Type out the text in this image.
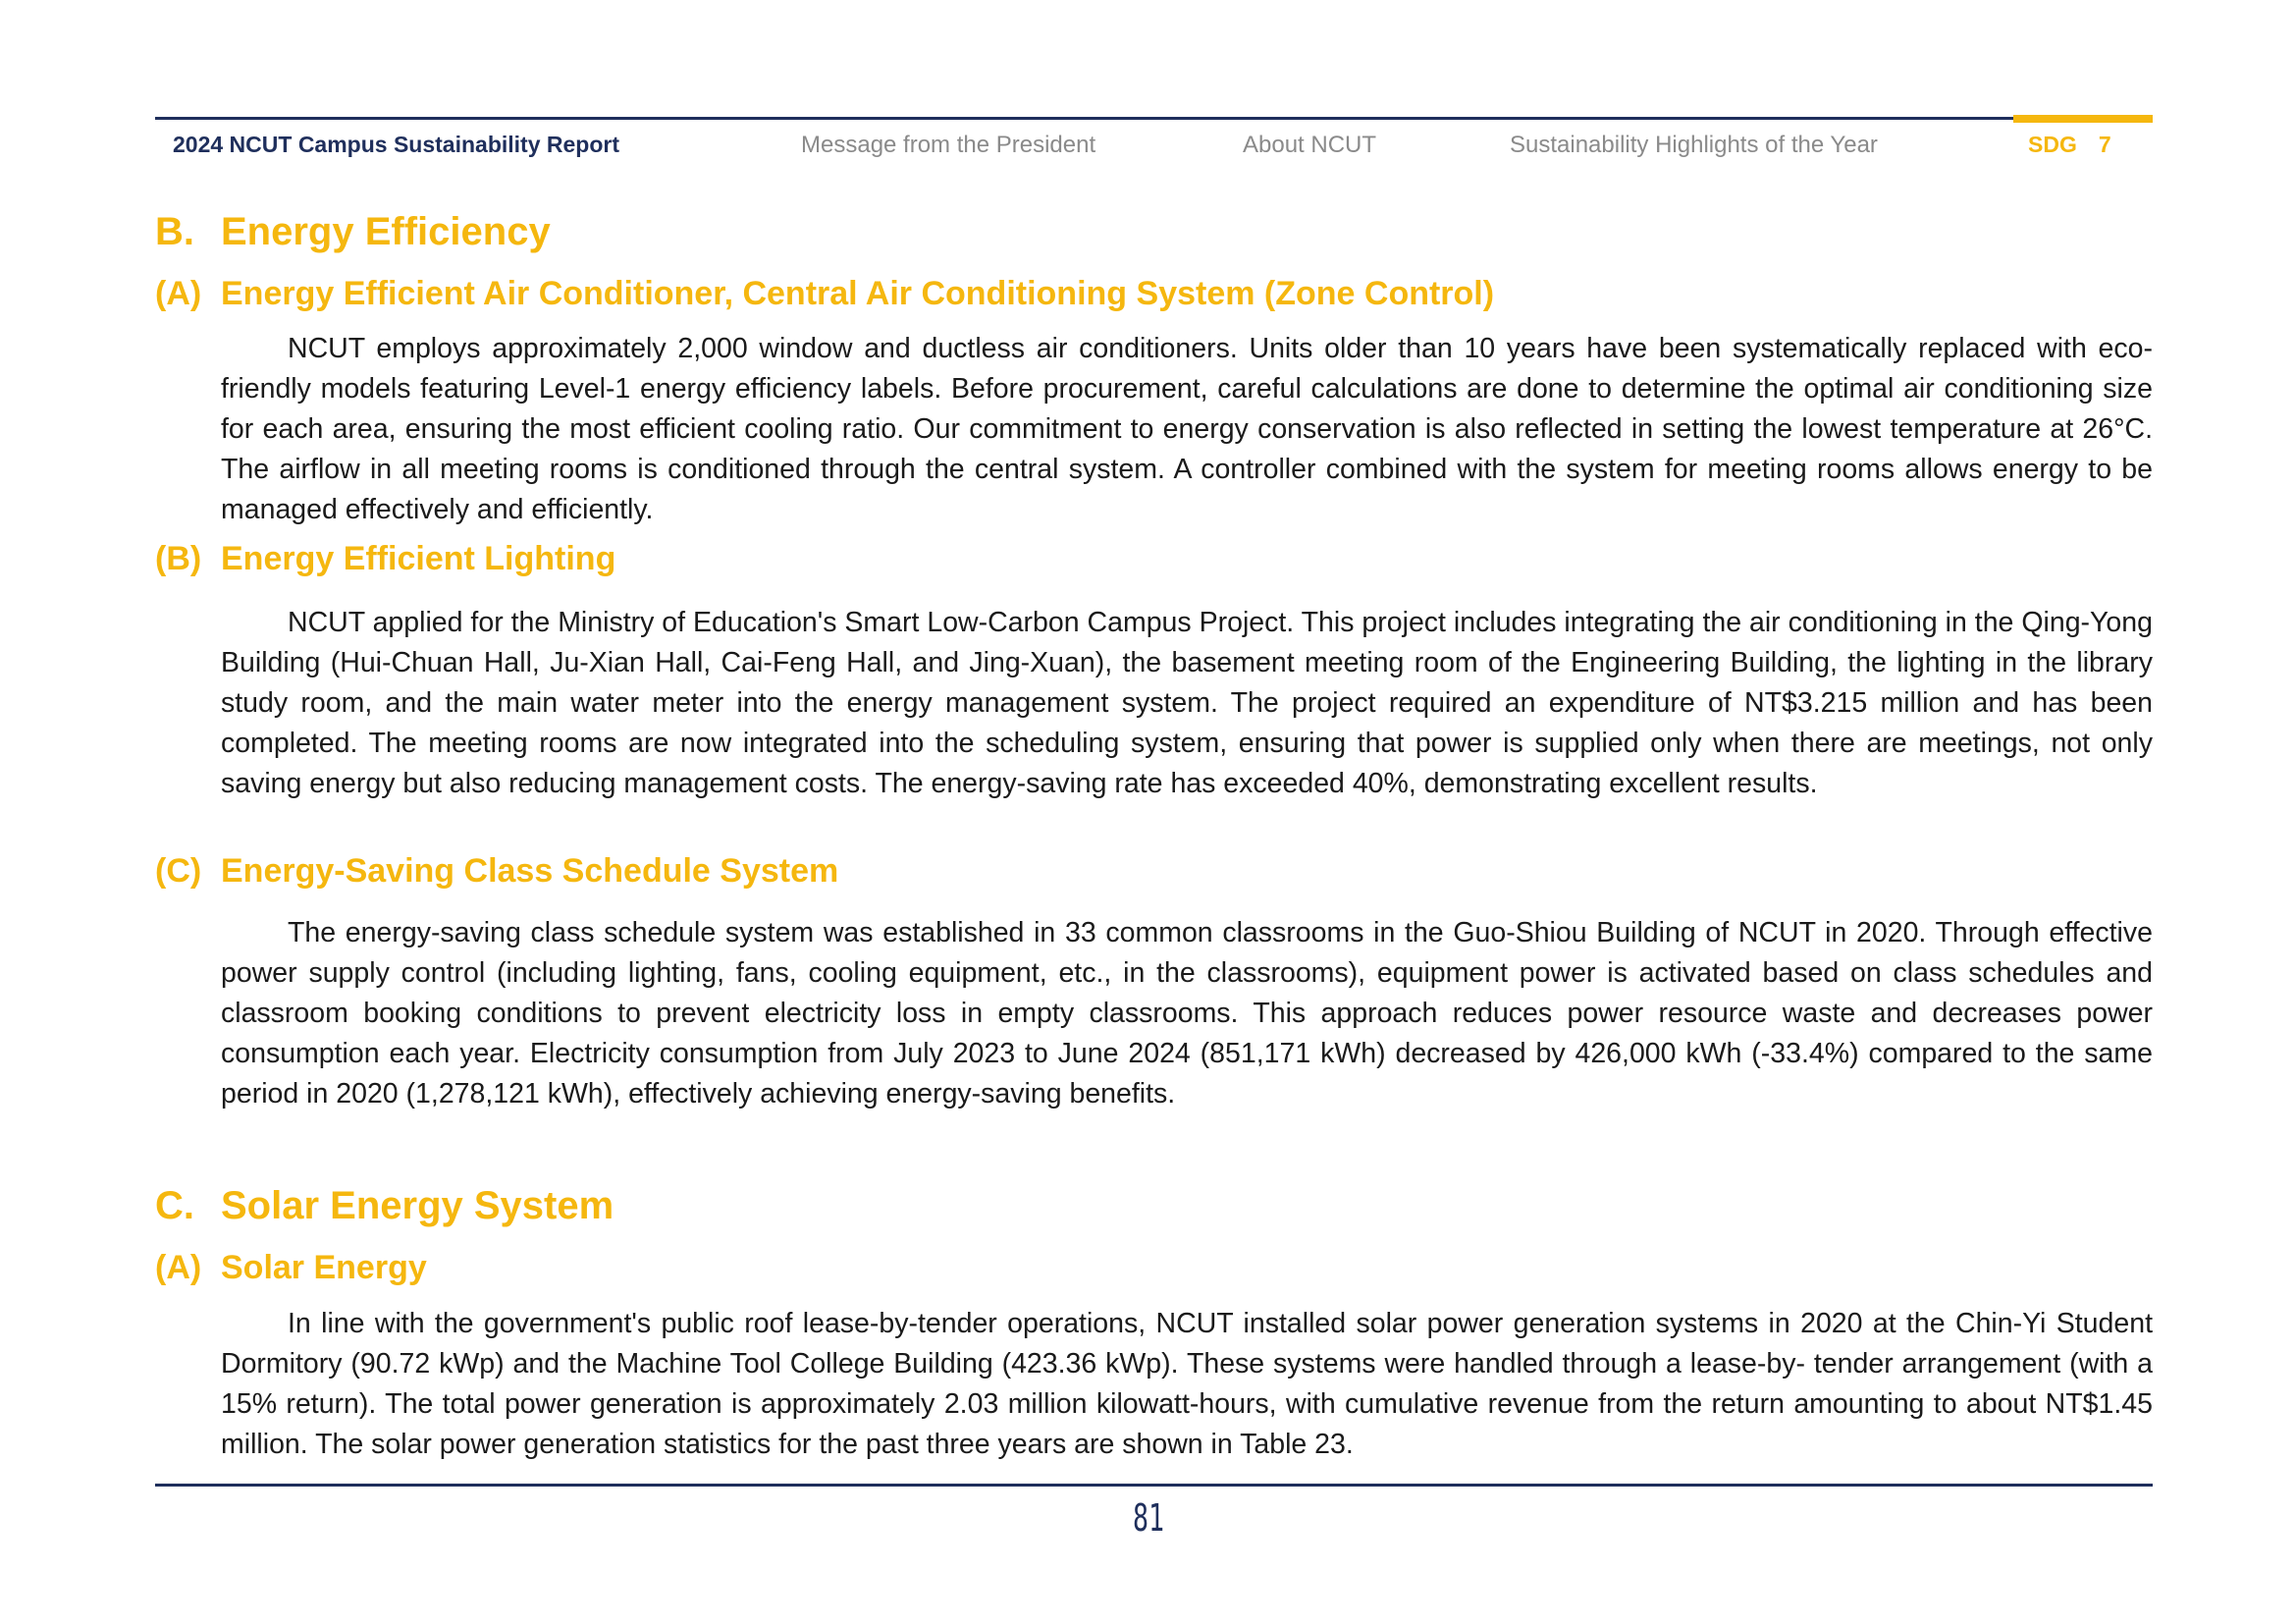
2024 NCUT Campus Sustainability Report	Message from the President	About NCUT	Sustainability Highlights of the Year	SDG 7
B. Energy Efficiency
(A) Energy Efficient Air Conditioner, Central Air Conditioning System (Zone Control)

NCUT employs approximately 2,000 window and ductless air conditioners. Units older than 10 years have been systematically replaced with eco-friendly models featuring Level-1 energy efficiency labels. Before procurement, careful calculations are done to determine the optimal air conditioning size for each area, ensuring the most efficient cooling ratio. Our commitment to energy conservation is also reflected in setting the lowest temperature at 26°C. The airflow in all meeting rooms is conditioned through the central system. A controller combined with the system for meeting rooms allows energy to be managed effectively and efficiently.

(B) Energy Efficient Lighting

NCUT applied for the Ministry of Education's Smart Low-Carbon Campus Project. This project includes integrating the air conditioning in the Qing-Yong Building (Hui-Chuan Hall, Ju-Xian Hall, Cai-Feng Hall, and Jing-Xuan), the basement meeting room of the Engineering Building, the lighting in the library study room, and the main water meter into the energy management system. The project required an expenditure of NT$3.215 million and has been completed. The meeting rooms are now integrated into the scheduling system, ensuring that power is supplied only when there are meetings, not only saving energy but also reducing management costs. The energy-saving rate has exceeded 40%, demonstrating excellent results.

(C) Energy-Saving Class Schedule System

The energy-saving class schedule system was established in 33 common classrooms in the Guo-Shiou Building of NCUT in 2020. Through effective power supply control (including lighting, fans, cooling equipment, etc., in the classrooms), equipment power is activated based on class schedules and classroom booking conditions to prevent electricity loss in empty classrooms. This approach reduces power resource waste and decreases power consumption each year. Electricity consumption from July 2023 to June 2024 (851,171 kWh) decreased by 426,000 kWh (-33.4%) compared to the same period in 2020 (1,278,121 kWh), effectively achieving energy-saving benefits.

C. Solar Energy System
(A) Solar Energy

In line with the government's public roof lease-by-tender operations, NCUT installed solar power generation systems in 2020 at the Chin-Yi Student Dormitory (90.72 kWp) and the Machine Tool College Building (423.36 kWp). These systems were handled through a lease-by- tender arrangement (with a 15% return). The total power generation is approximately 2.03 million kilowatt-hours, with cumulative revenue from the return amounting to about NT$1.45 million. The solar power generation statistics for the past three years are shown in Table 23.

81
